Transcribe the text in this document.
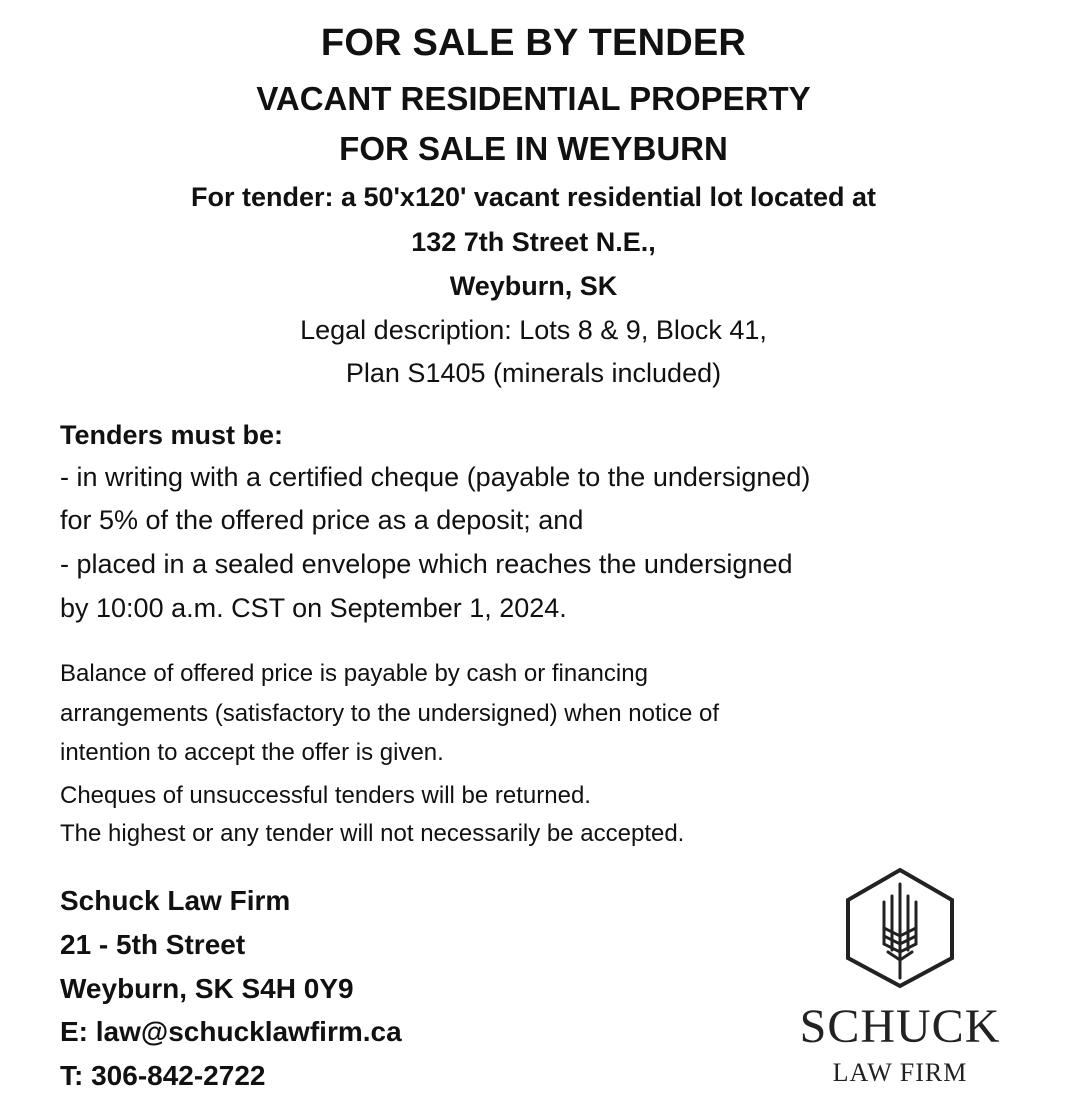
FOR SALE BY TENDER
VACANT RESIDENTIAL PROPERTY
FOR SALE IN WEYBURN
For tender: a 50'x120' vacant residential lot located at
132 7th Street N.E.,
Weyburn, SK
Legal description: Lots 8 & 9, Block 41,
Plan S1405 (minerals included)
Tenders must be:
- in writing with a certified cheque (payable to the undersigned)
for 5% of the offered price as a deposit; and
- placed in a sealed envelope which reaches the undersigned
by 10:00 a.m. CST on September 1, 2024.
Balance of offered price is payable by cash or financing
arrangements (satisfactory to the undersigned) when notice of
intention to accept the offer is given.
Cheques of unsuccessful tenders will be returned.
The highest or any tender will not necessarily be accepted.
Schuck Law Firm
21 - 5th Street
Weyburn, SK S4H 0Y9
E: law@schucklawfirm.ca
T: 306-842-2722
SCHUCK
LAW FIRM
